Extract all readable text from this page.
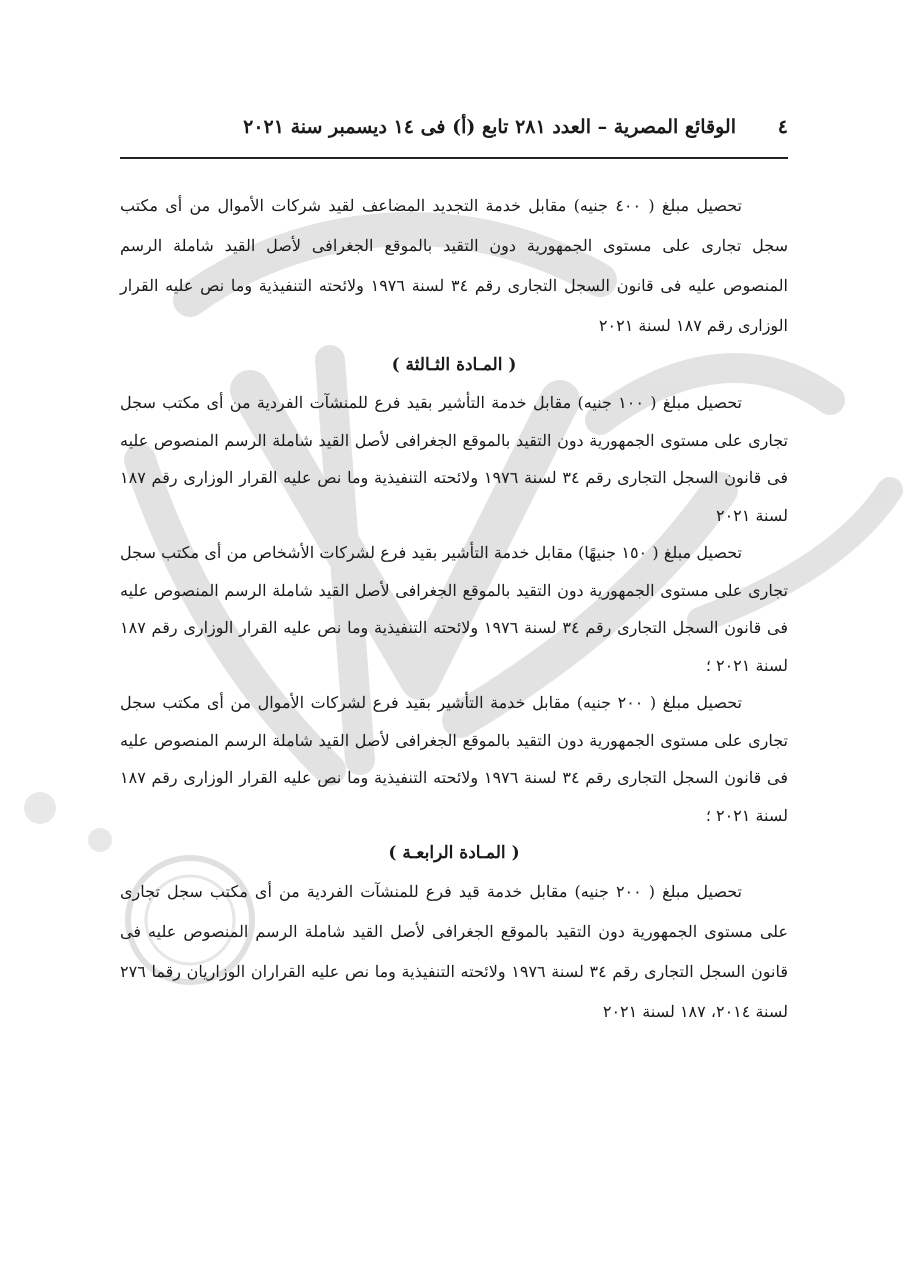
٤
الوقائع المصرية – العدد ٢٨١ تابع (أ) فى ١٤ ديسمبر سنة ٢٠٢١

تحصيل مبلغ ( ٤٠٠ جنيه) مقابل خدمة التجديد المضاعف لقيد شركات الأموال من أى مكتب سجل تجارى على مستوى الجمهورية دون التقيد بالموقع الجغرافى لأصل القيد شاملة الرسم المنصوص عليه فى قانون السجل التجارى رقم ٣٤ لسنة ١٩٧٦ ولائحته التنفيذية وما نص عليه القرار الوزارى رقم ١٨٧ لسنة ٢٠٢١

( المـادة الثـالثة )

تحصيل مبلغ ( ١٠٠ جنيه) مقابل خدمة التأشير بقيد فرع للمنشآت الفردية من أى مكتب سجل تجارى على مستوى الجمهورية دون التقيد بالموقع الجغرافى لأصل القيد شاملة الرسم المنصوص عليه فى قانون السجل التجارى رقم ٣٤ لسنة ١٩٧٦ ولائحته التنفيذية وما نص عليه القرار الوزارى رقم ١٨٧ لسنة ٢٠٢١

تحصيل مبلغ ( ١٥٠ جنيهًا) مقابل خدمة التأشير بقيد فرع لشركات الأشخاص من أى مكتب سجل تجارى على مستوى الجمهورية دون التقيد بالموقع الجغرافى لأصل القيد شاملة الرسم المنصوص عليه فى قانون السجل التجارى رقم ٣٤ لسنة ١٩٧٦ ولائحته التنفيذية وما نص عليه القرار الوزارى رقم ١٨٧ لسنة ٢٠٢١ ؛

تحصيل مبلغ ( ٢٠٠ جنيه) مقابل خدمة التأشير بقيد فرع لشركات الأموال من أى مكتب سجل تجارى على مستوى الجمهورية دون التقيد بالموقع الجغرافى لأصل القيد شاملة الرسم المنصوص عليه فى قانون السجل التجارى رقم ٣٤ لسنة ١٩٧٦ ولائحته التنفيذية وما نص عليه القرار الوزارى رقم ١٨٧ لسنة ٢٠٢١ ؛

( المـادة الرابعـة )

تحصيل مبلغ ( ٢٠٠ جنيه) مقابل خدمة قيد فرع للمنشآت الفردية من أى مكتب سجل تجارى على مستوى الجمهورية دون التقيد بالموقع الجغرافى لأصل القيد شاملة الرسم المنصوص عليه فى قانون السجل التجارى رقم ٣٤ لسنة ١٩٧٦ ولائحته التنفيذية وما نص عليه القراران الوزاريان رقما ٢٧٦ لسنة ٢٠١٤، ١٨٧ لسنة ٢٠٢١
